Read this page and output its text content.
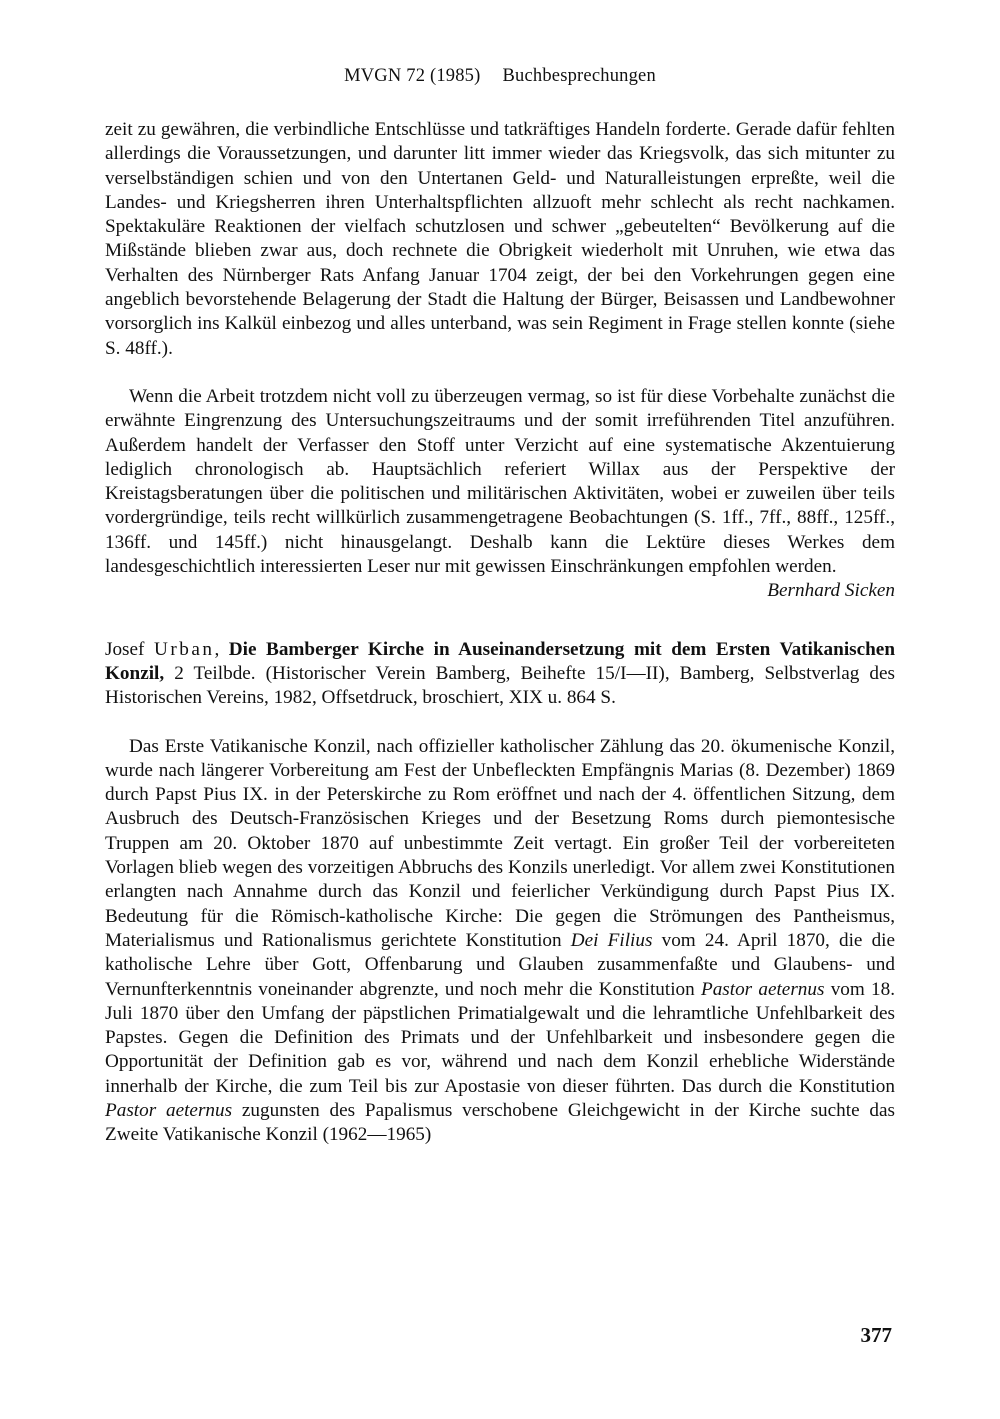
MVGN 72 (1985) Buchbesprechungen

zeit zu gewähren, die verbindliche Entschlüsse und tatkräftiges Handeln forderte. Gerade dafür fehlten allerdings die Voraussetzungen, und darunter litt immer wieder das Kriegsvolk, das sich mitunter zu verselbständigen schien und von den Untertanen Geld- und Naturalleistungen erpreßte, weil die Landes- und Kriegsherren ihren Unterhaltspflichten allzuoft mehr schlecht als recht nachkamen. Spektakuläre Reaktionen der vielfach schutzlosen und schwer „gebeutelten“ Bevölkerung auf die Mißstände blieben zwar aus, doch rechnete die Obrigkeit wiederholt mit Unruhen, wie etwa das Verhalten des Nürnberger Rats Anfang Januar 1704 zeigt, der bei den Vorkehrungen gegen eine angeblich bevorstehende Belagerung der Stadt die Haltung der Bürger, Beisassen und Landbewohner vorsorglich ins Kalkül einbezog und alles unterband, was sein Regiment in Frage stellen konnte (siehe S. 48ff.).

Wenn die Arbeit trotzdem nicht voll zu überzeugen vermag, so ist für diese Vorbehalte zunächst die erwähnte Eingrenzung des Untersuchungszeitraums und der somit irreführenden Titel anzuführen. Außerdem handelt der Verfasser den Stoff unter Verzicht auf eine systematische Akzentuierung lediglich chronologisch ab. Hauptsächlich referiert Willax aus der Perspektive der Kreistagsberatungen über die politischen und militärischen Aktivitäten, wobei er zuweilen über teils vordergründige, teils recht willkürlich zusammengetragene Beobachtungen (S. 1ff., 7ff., 88ff., 125ff., 136ff. und 145ff.) nicht hinausgelangt. Deshalb kann die Lektüre dieses Werkes dem landesgeschichtlich interessierten Leser nur mit gewissen Einschränkungen empfohlen werden.

Bernhard Sicken

Josef Urban, Die Bamberger Kirche in Auseinandersetzung mit dem Ersten Vatikanischen Konzil, 2 Teilbde. (Historischer Verein Bamberg, Beihefte 15/I—II), Bamberg, Selbstverlag des Historischen Vereins, 1982, Offsetdruck, broschiert, XIX u. 864 S.

Das Erste Vatikanische Konzil, nach offizieller katholischer Zählung das 20. ökumenische Konzil, wurde nach längerer Vorbereitung am Fest der Unbefleckten Empfängnis Marias (8. Dezember) 1869 durch Papst Pius IX. in der Peterskirche zu Rom eröffnet und nach der 4. öffentlichen Sitzung, dem Ausbruch des Deutsch-Französischen Krieges und der Besetzung Roms durch piemontesische Truppen am 20. Oktober 1870 auf unbestimmte Zeit vertagt. Ein großer Teil der vorbereiteten Vorlagen blieb wegen des vorzeitigen Abbruchs des Konzils unerledigt. Vor allem zwei Konstitutionen erlangten nach Annahme durch das Konzil und feierlicher Verkündigung durch Papst Pius IX. Bedeutung für die Römisch-katholische Kirche: Die gegen die Strömungen des Pantheismus, Materialismus und Rationalismus gerichtete Konstitution Dei Filius vom 24. April 1870, die die katholische Lehre über Gott, Offenbarung und Glauben zusammenfaßte und Glaubens- und Vernunfterkenntnis voneinander abgrenzte, und noch mehr die Konstitution Pastor aeternus vom 18. Juli 1870 über den Umfang der päpstlichen Primatialgewalt und die lehramtliche Unfehlbarkeit des Papstes. Gegen die Definition des Primats und der Unfehlbarkeit und insbesondere gegen die Opportunität der Definition gab es vor, während und nach dem Konzil erhebliche Widerstände innerhalb der Kirche, die zum Teil bis zur Apostasie von dieser führten. Das durch die Konstitution Pastor aeternus zugunsten des Papalismus verschobene Gleichgewicht in der Kirche suchte das Zweite Vatikanische Konzil (1962—1965)

377
